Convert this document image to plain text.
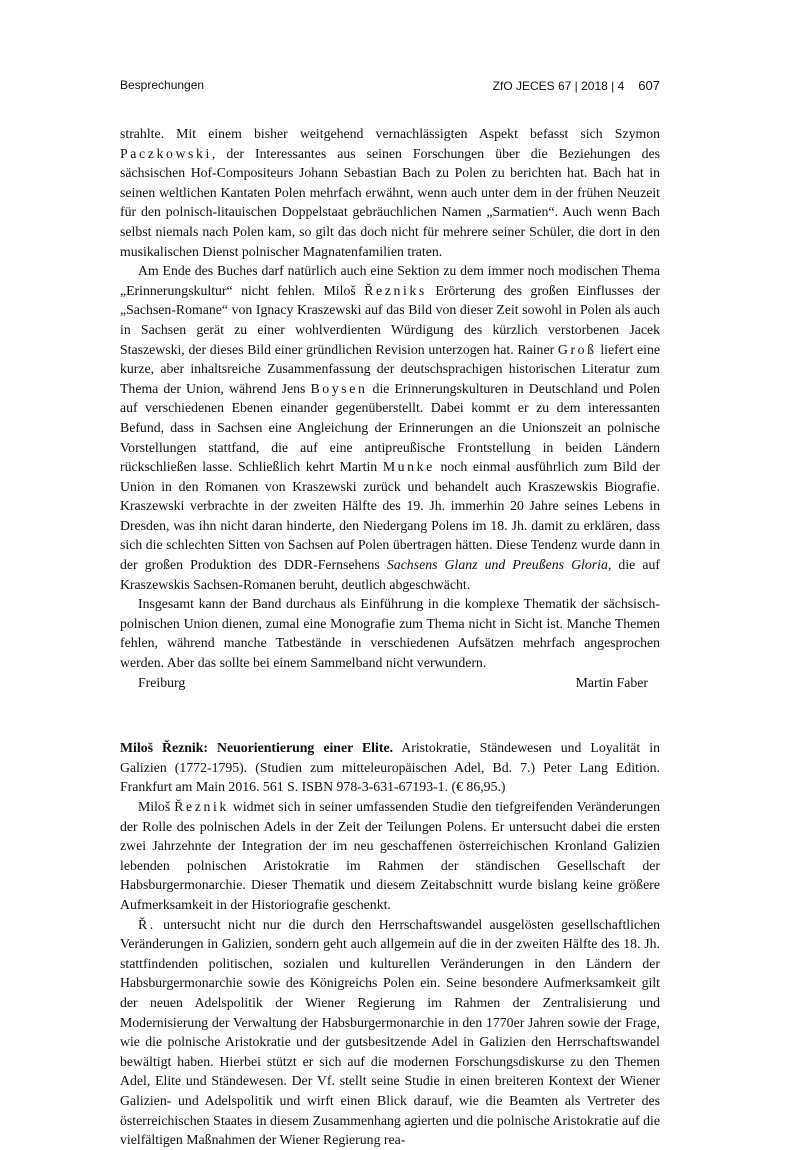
Besprechungen	ZfO JECES 67 | 2018 | 4 607

strahlte. Mit einem bisher weitgehend vernachlässigten Aspekt befasst sich Szymon Paczkowski, der Interessantes aus seinen Forschungen über die Beziehungen des sächsischen Hof-Compositeurs Johann Sebastian Bach zu Polen zu berichten hat. Bach hat in seinen weltlichen Kantaten Polen mehrfach erwähnt, wenn auch unter dem in der frühen Neuzeit für den polnisch-litauischen Doppelstaat gebräuchlichen Namen „Sarmatien“. Auch wenn Bach selbst niemals nach Polen kam, so gilt das doch nicht für mehrere seiner Schüler, die dort in den musikalischen Dienst polnischer Magnatenfamilien traten.

Am Ende des Buches darf natürlich auch eine Sektion zu dem immer noch modischen Thema „Erinnerungskultur“ nicht fehlen. Miloš Řezniks Erörterung des großen Einflusses der „Sachsen-Romane“ von Ignacy Kraszewski auf das Bild von dieser Zeit sowohl in Polen als auch in Sachsen gerät zu einer wohlverdienten Würdigung des kürzlich verstorbenen Jacek Staszewski, der dieses Bild einer gründlichen Revision unterzogen hat. Rainer Groß liefert eine kurze, aber inhaltsreiche Zusammenfassung der deutschsprachigen historischen Literatur zum Thema der Union, während Jens Boysen die Erinnerungskulturen in Deutschland und Polen auf verschiedenen Ebenen einander gegenüberstellt. Dabei kommt er zu dem interessanten Befund, dass in Sachsen eine Angleichung der Erinnerungen an die Unionszeit an polnische Vorstellungen stattfand, die auf eine antipreußische Frontstellung in beiden Ländern rückschließen lasse. Schließlich kehrt Martin Munke noch einmal ausführlich zum Bild der Union in den Romanen von Kraszewski zurück und behandelt auch Kraszewskis Biografie. Kraszewski verbrachte in der zweiten Hälfte des 19. Jh. immerhin 20 Jahre seines Lebens in Dresden, was ihn nicht daran hinderte, den Niedergang Polens im 18. Jh. damit zu erklären, dass sich die schlechten Sitten von Sachsen auf Polen übertragen hätten. Diese Tendenz wurde dann in der großen Produktion des DDR-Fernsehens Sachsens Glanz und Preußens Gloria, die auf Kraszewskis Sachsen-Romanen beruht, deutlich abgeschwächt.

Insgesamt kann der Band durchaus als Einführung in die komplexe Thematik der sächsisch-polnischen Union dienen, zumal eine Monografie zum Thema nicht in Sicht ist. Manche Themen fehlen, während manche Tatbestände in verschiedenen Aufsätzen mehrfach angesprochen werden. Aber das sollte bei einem Sammelband nicht verwundern.

Freiburg	Martin Faber

Miloš Řeznik: Neuorientierung einer Elite. Aristokratie, Ständewesen und Loyalität in Galizien (1772-1795). (Studien zum mitteleuropäischen Adel, Bd. 7.) Peter Lang Edition. Frankfurt am Main 2016. 561 S. ISBN 978-3-631-67193-1. (€ 86,95.)

Miloš Řeznik widmet sich in seiner umfassenden Studie den tiefgreifenden Veränderungen der Rolle des polnischen Adels in der Zeit der Teilungen Polens. Er untersucht dabei die ersten zwei Jahrzehnte der Integration der im neu geschaffenen österreichischen Kronland Galizien lebenden polnischen Aristokratie im Rahmen der ständischen Gesellschaft der Habsburgermonarchie. Dieser Thematik und diesem Zeitabschnitt wurde bislang keine größere Aufmerksamkeit in der Historiografie geschenkt.

Ř. untersucht nicht nur die durch den Herrschaftswandel ausgelösten gesellschaftlichen Veränderungen in Galizien, sondern geht auch allgemein auf die in der zweiten Hälfte des 18. Jh. stattfindenden politischen, sozialen und kulturellen Veränderungen in den Ländern der Habsburgermonarchie sowie des Königreichs Polen ein. Seine besondere Aufmerksamkeit gilt der neuen Adelspolitik der Wiener Regierung im Rahmen der Zentralisierung und Modernisierung der Verwaltung der Habsburgermonarchie in den 1770er Jahren sowie der Frage, wie die polnische Aristokratie und der gutsbesitzende Adel in Galizien den Herrschaftswandel bewältigt haben. Hierbei stützt er sich auf die modernen Forschungsdiskurse zu den Themen Adel, Elite und Ständewesen. Der Vf. stellt seine Studie in einen breiteren Kontext der Wiener Galizien- und Adelspolitik und wirft einen Blick darauf, wie die Beamten als Vertreter des österreichischen Staates in diesem Zusammenhang agierten und die polnische Aristokratie auf die vielfältigen Maßnahmen der Wiener Regierung rea-
